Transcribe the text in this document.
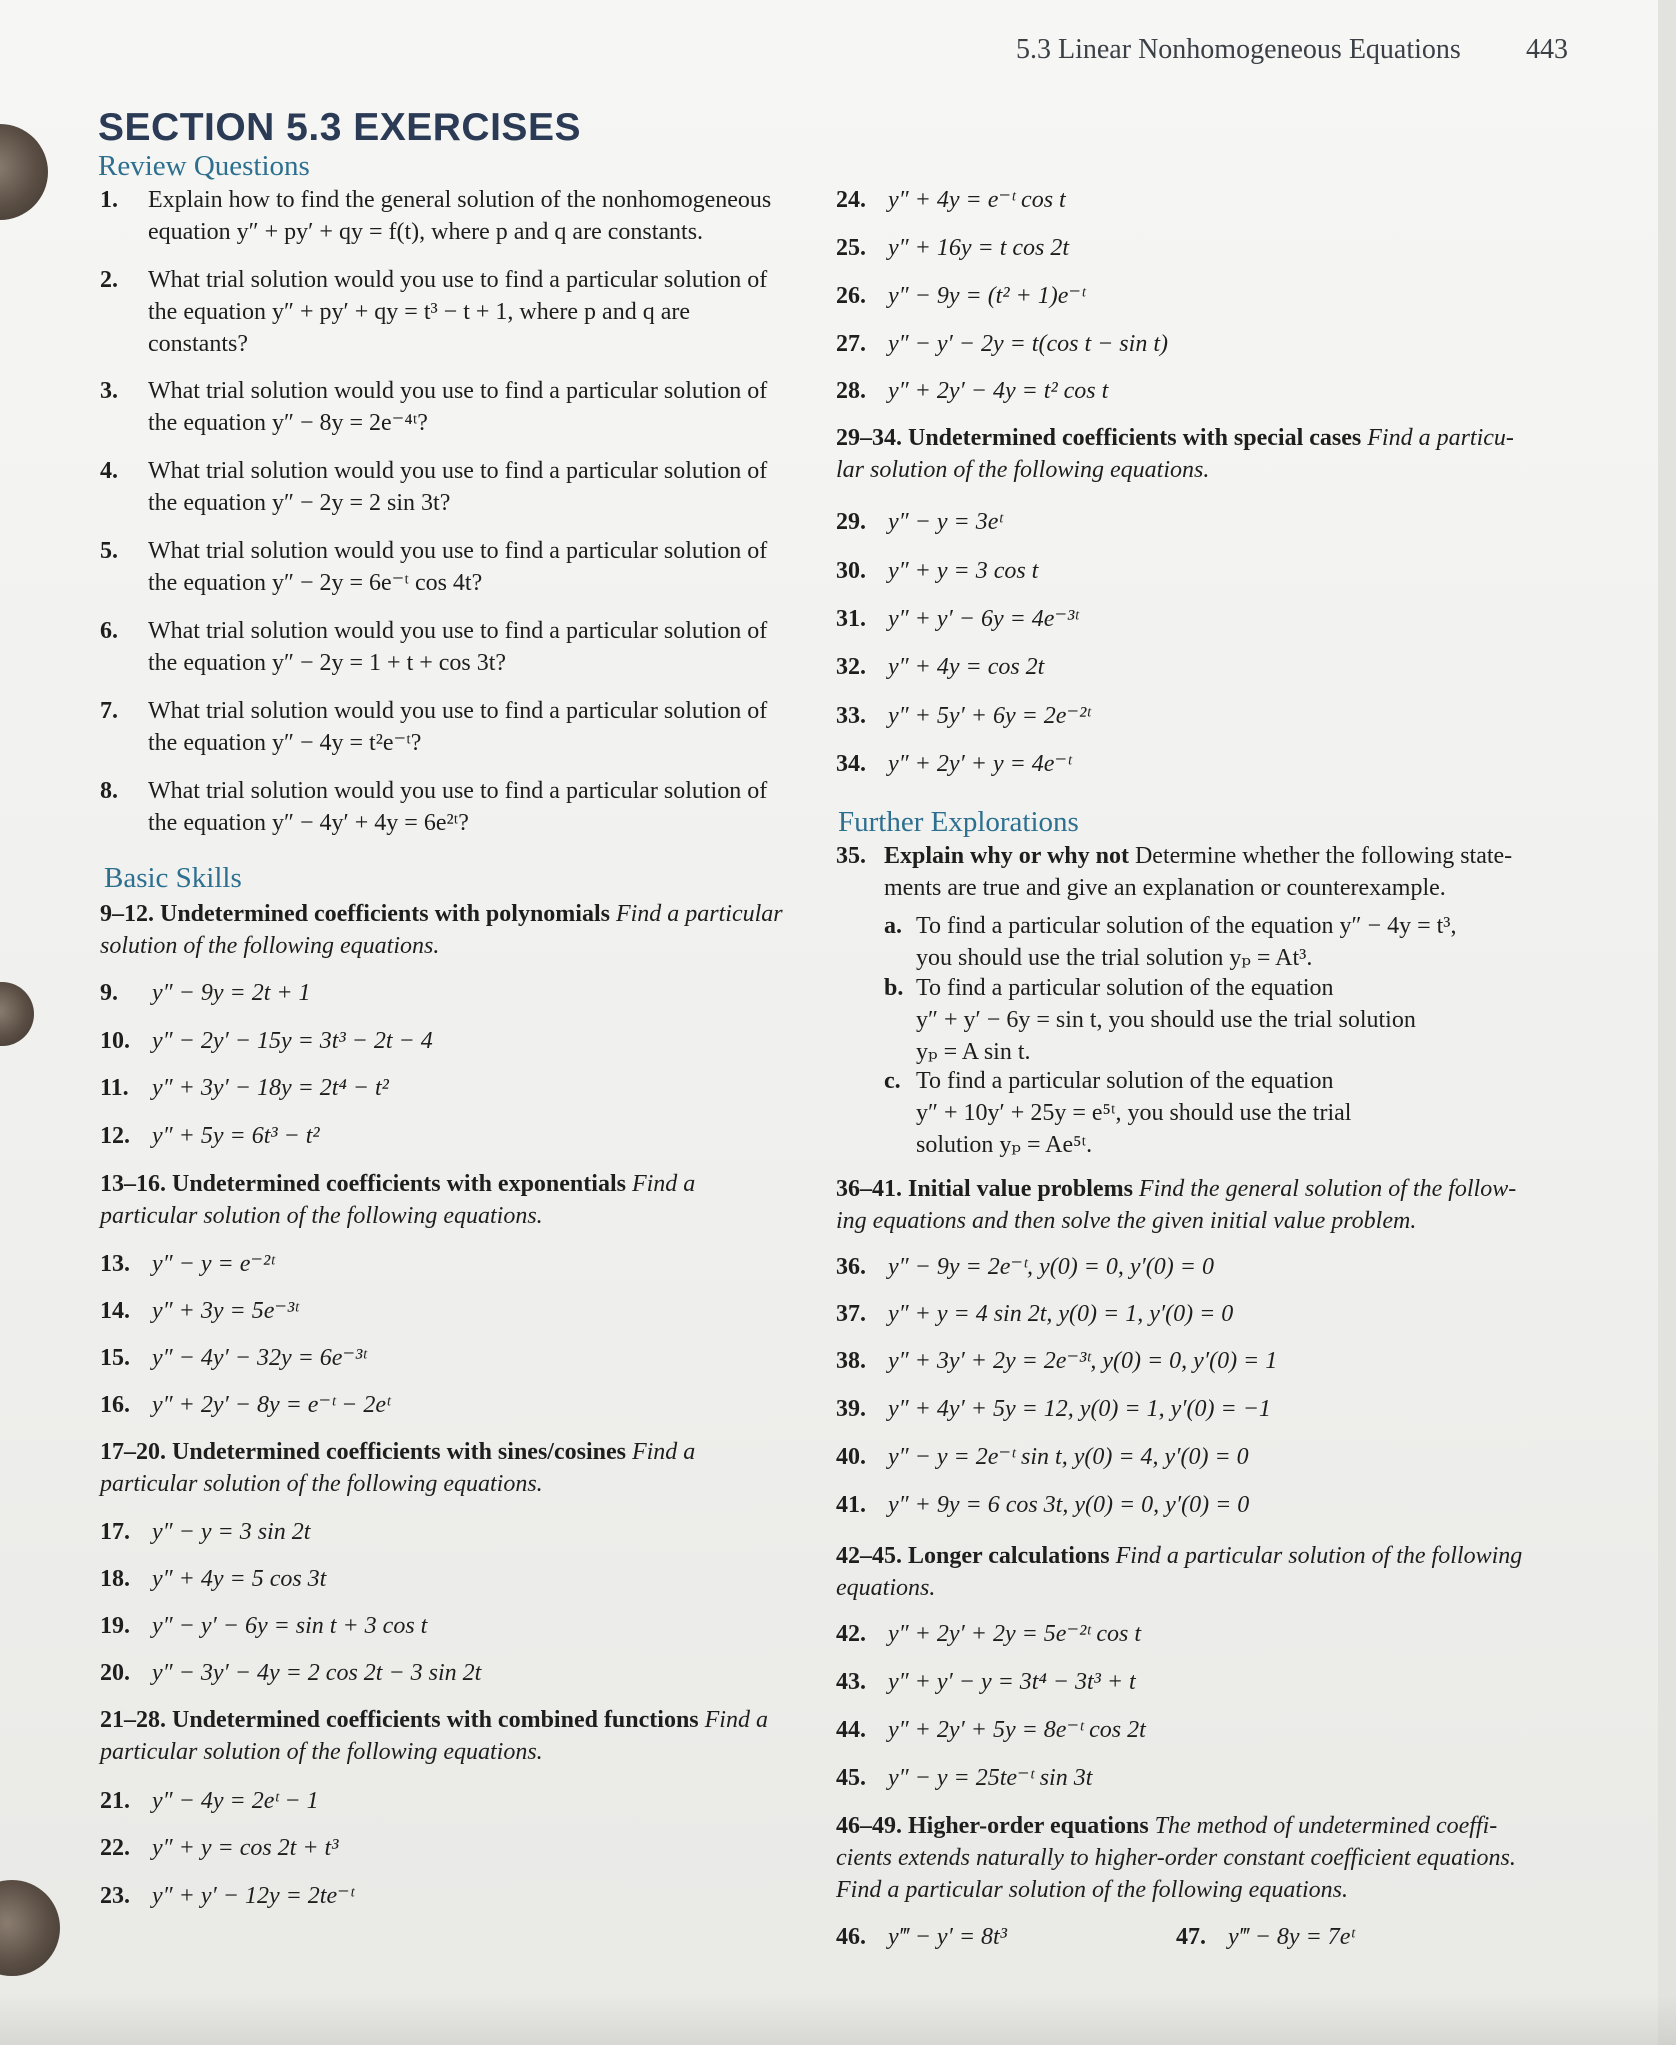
5.3 Linear Nonhomogeneous Equations 443
SECTION 5.3 EXERCISES
Review Questions
1.	Explain how to find the general solution of the nonhomogeneous
equation y″ + py′ + qy = f(t), where p and q are constants.
2.	What trial solution would you use to find a particular solution of
the equation y″ + py′ + qy = t³ − t + 1, where p and q are
constants?
3.	What trial solution would you use to find a particular solution of
the equation y″ − 8y = 2e⁻⁴ᵗ?
4.	What trial solution would you use to find a particular solution of
the equation y″ − 2y = 2 sin 3t?
5.	What trial solution would you use to find a particular solution of
the equation y″ − 2y = 6e⁻ᵗ cos 4t?
6.	What trial solution would you use to find a particular solution of
the equation y″ − 2y = 1 + t + cos 3t?
7.	What trial solution would you use to find a particular solution of
the equation y″ − 4y = t²e⁻ᵗ?
8.	What trial solution would you use to find a particular solution of
the equation y″ − 4y′ + 4y = 6e²ᵗ?
Basic Skills
9–12. Undetermined coefficients with polynomials Find a particular
solution of the following equations.
9.	y″ − 9y = 2t + 1
10. y″ − 2y′ − 15y = 3t³ − 2t − 4
11. y″ + 3y′ − 18y = 2t⁴ − t²
12. y″ + 5y = 6t³ − t²
13–16. Undetermined coefficients with exponentials Find a
particular solution of the following equations.
13. y″ − y = e⁻²ᵗ
14. y″ + 3y = 5e⁻³ᵗ
15. y″ − 4y′ − 32y = 6e⁻³ᵗ
16. y″ + 2y′ − 8y = e⁻ᵗ − 2eᵗ
17–20. Undetermined coefficients with sines/cosines Find a
particular solution of the following equations.
17. y″ − y = 3 sin 2t
18. y″ + 4y = 5 cos 3t
19. y″ − y′ − 6y = sin t + 3 cos t
20. y″ − 3y′ − 4y = 2 cos 2t − 3 sin 2t
21–28. Undetermined coefficients with combined functions Find a
particular solution of the following equations.
21. y″ − 4y = 2eᵗ − 1
22. y″ + y = cos 2t + t³
23. y″ + y′ − 12y = 2te⁻ᵗ
24. y″ + 4y = e⁻ᵗ cos t
25. y″ + 16y = t cos 2t
26. y″ − 9y = (t² + 1)e⁻ᵗ
27. y″ − y′ − 2y = t(cos t − sin t)
28. y″ + 2y′ − 4y = t² cos t
29–34. Undetermined coefficients with special cases Find a particu-
lar solution of the following equations.
29. y″ − y = 3eᵗ
30. y″ + y = 3 cos t
31. y″ + y′ − 6y = 4e⁻³ᵗ
32. y″ + 4y = cos 2t
33. y″ + 5y′ + 6y = 2e⁻²ᵗ
34. y″ + 2y′ + y = 4e⁻ᵗ
Further Explorations
35. Explain why or why not Determine whether the following state-
ments are true and give an explanation or counterexample.
a. To find a particular solution of the equation y″ − 4y = t³,
you should use the trial solution yₚ = At³.
b. To find a particular solution of the equation
y″ + y′ − 6y = sin t, you should use the trial solution
yₚ = A sin t.
c. To find a particular solution of the equation
y″ + 10y′ + 25y = e⁵ᵗ, you should use the trial
solution yₚ = Ae⁵ᵗ.
36–41. Initial value problems Find the general solution of the follow-
ing equations and then solve the given initial value problem.
36. y″ − 9y = 2e⁻ᵗ, y(0) = 0, y′(0) = 0
37. y″ + y = 4 sin 2t, y(0) = 1, y′(0) = 0
38. y″ + 3y′ + 2y = 2e⁻³ᵗ, y(0) = 0, y′(0) = 1
39. y″ + 4y′ + 5y = 12, y(0) = 1, y′(0) = −1
40. y″ − y = 2e⁻ᵗ sin t, y(0) = 4, y′(0) = 0
41. y″ + 9y = 6 cos 3t, y(0) = 0, y′(0) = 0
42–45. Longer calculations Find a particular solution of the following
equations.
42. y″ + 2y′ + 2y = 5e⁻²ᵗ cos t
43. y″ + y′ − y = 3t⁴ − 3t³ + t
44. y″ + 2y′ + 5y = 8e⁻ᵗ cos 2t
45. y″ − y = 25te⁻ᵗ sin 3t
46–49. Higher-order equations The method of undetermined coeffi-
cients extends naturally to higher-order constant coefficient equations.
Find a particular solution of the following equations.
46. y‴ − y′ = 8t³	47. y‴ − 8y = 7eᵗ
